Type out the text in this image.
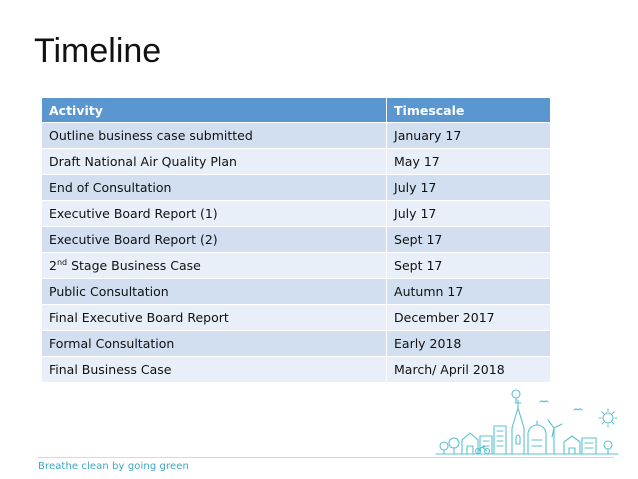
Timeline
Activity	Timescale
Outline business case submitted	January 17
Draft National Air Quality Plan	May 17
End of Consultation	July 17
Executive Board Report (1)	July 17
Executive Board Report (2)	Sept 17
2nd Stage Business Case	Sept 17
Public Consultation	Autumn 17
Final Executive Board Report	December 2017
Formal Consultation	Early 2018
Final Business Case	March/ April 2018
Breathe clean by going green
